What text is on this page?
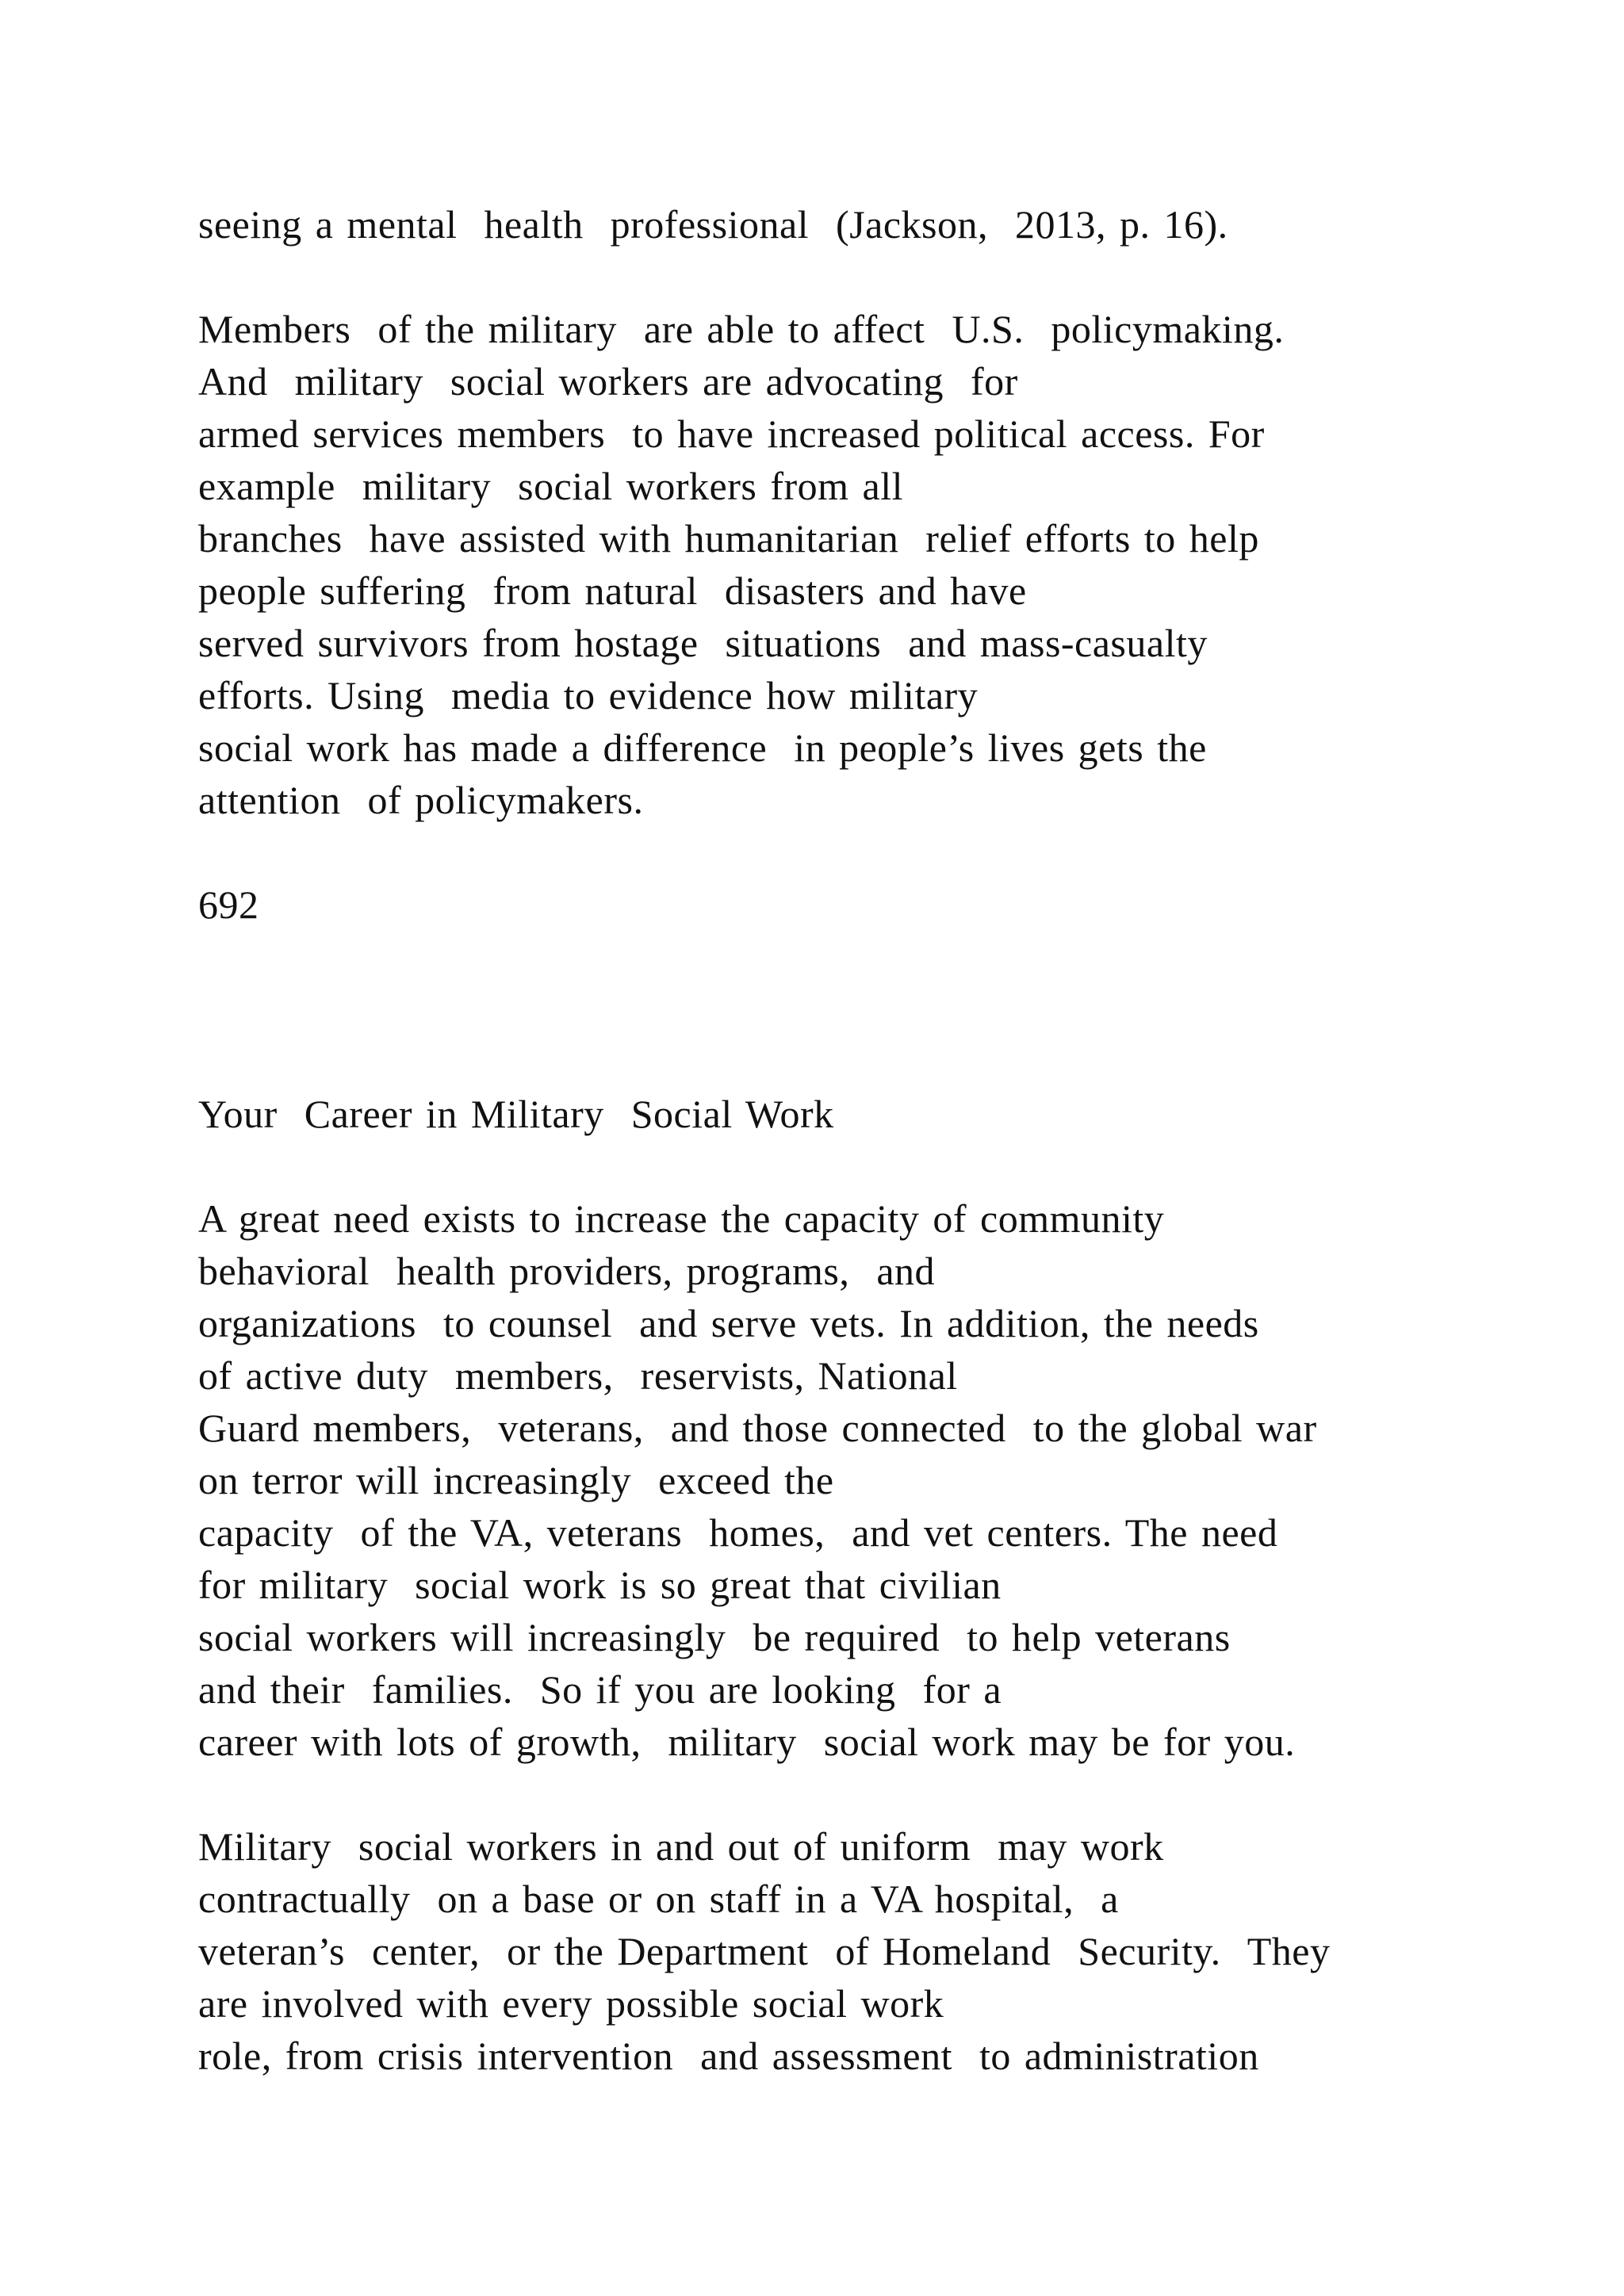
seeing a mental  health  professional  (Jackson,  2013, p. 16).

Members  of the military  are able to affect  U.S.  policymaking.

And  military  social workers are advocating  for

armed services members  to have increased political access. For

example  military  social workers from all

branches  have assisted with humanitarian  relief efforts to help

people suffering  from natural  disasters and have

served survivors from hostage  situations  and mass-casualty

efforts. Using  media to evidence how military

social work has made a difference  in people’s lives gets the

attention  of policymakers.

692

Your  Career in Military  Social Work

A great need exists to increase the capacity of community

behavioral  health providers, programs,  and

organizations  to counsel  and serve vets. In addition, the needs

of active duty  members,  reservists, National

Guard members,  veterans,  and those connected  to the global war

on terror will increasingly  exceed the

capacity  of the VA, veterans  homes,  and vet centers. The need

for military  social work is so great that civilian

social workers will increasingly  be required  to help veterans

and their  families.  So if you are looking  for a

career with lots of growth,  military  social work may be for you.

Military  social workers in and out of uniform  may work

contractually  on a base or on staff in a VA hospital,  a

veteran’s  center,  or the Department  of Homeland  Security.  They

are involved with every possible social work

role, from crisis intervention  and assessment  to administration
